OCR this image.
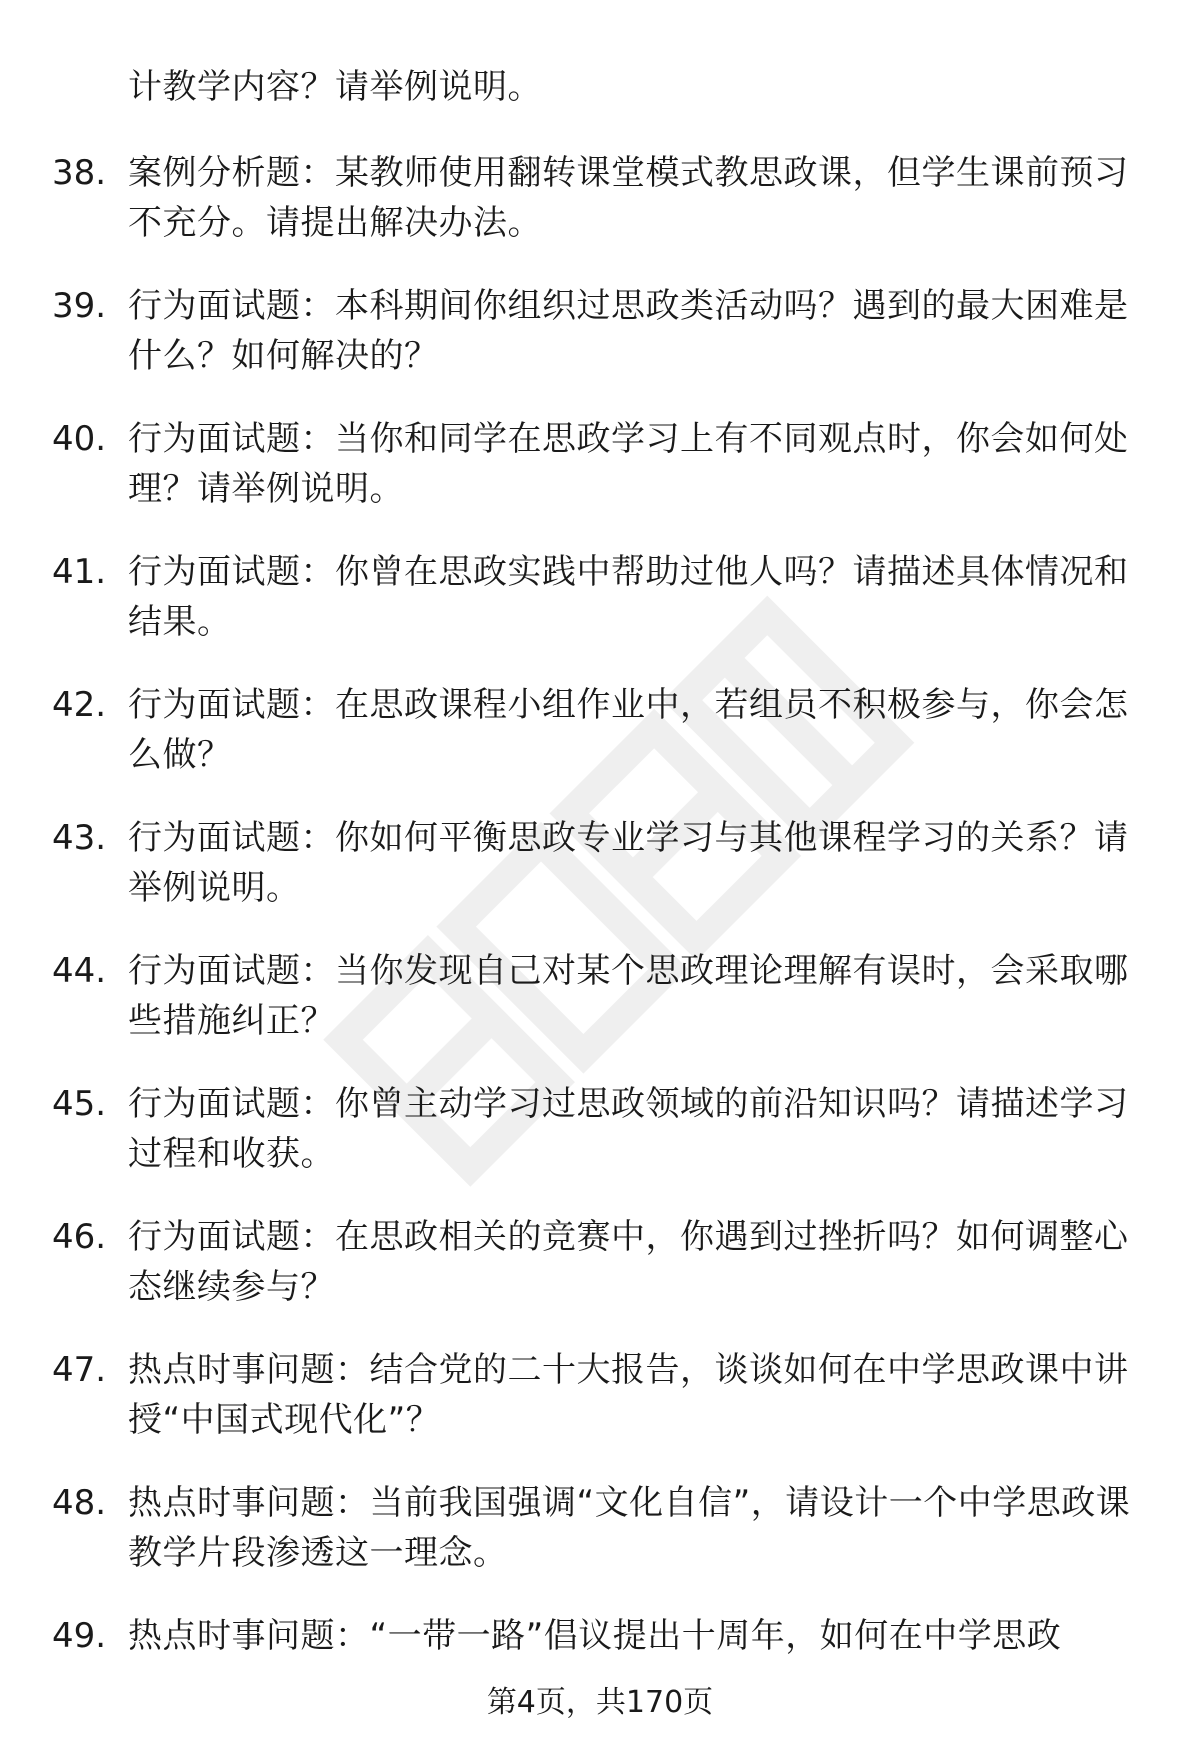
计教学内容？请举例说明。

38. 案例分析题：某教师使用翻转课堂模式教思政课，但学生课前预习不充分。请提出解决办法。
39. 行为面试题：本科期间你组织过思政类活动吗？遇到的最大困难是什么？如何解决的？
40. 行为面试题：当你和同学在思政学习上有不同观点时，你会如何处理？请举例说明。
41. 行为面试题：你曾在思政实践中帮助过他人吗？请描述具体情况和结果。
42. 行为面试题：在思政课程小组作业中，若组员不积极参与，你会怎么做？
43. 行为面试题：你如何平衡思政专业学习与其他课程学习的关系？请举例说明。
44. 行为面试题：当你发现自己对某个思政理论理解有误时，会采取哪些措施纠正？
45. 行为面试题：你曾主动学习过思政领域的前沿知识吗？请描述学习过程和收获。
46. 行为面试题：在思政相关的竞赛中，你遇到过挫折吗？如何调整心态继续参与？
47. 热点时事问题：结合党的二十大报告，谈谈如何在中学思政课中讲授“中国式现代化”？
48. 热点时事问题：当前我国强调“文化自信”，请设计一个中学思政课教学片段渗透这一理念。
49. 热点时事问题：“一带一路”倡议提出十周年，如何在中学思政
第4页，共170页
